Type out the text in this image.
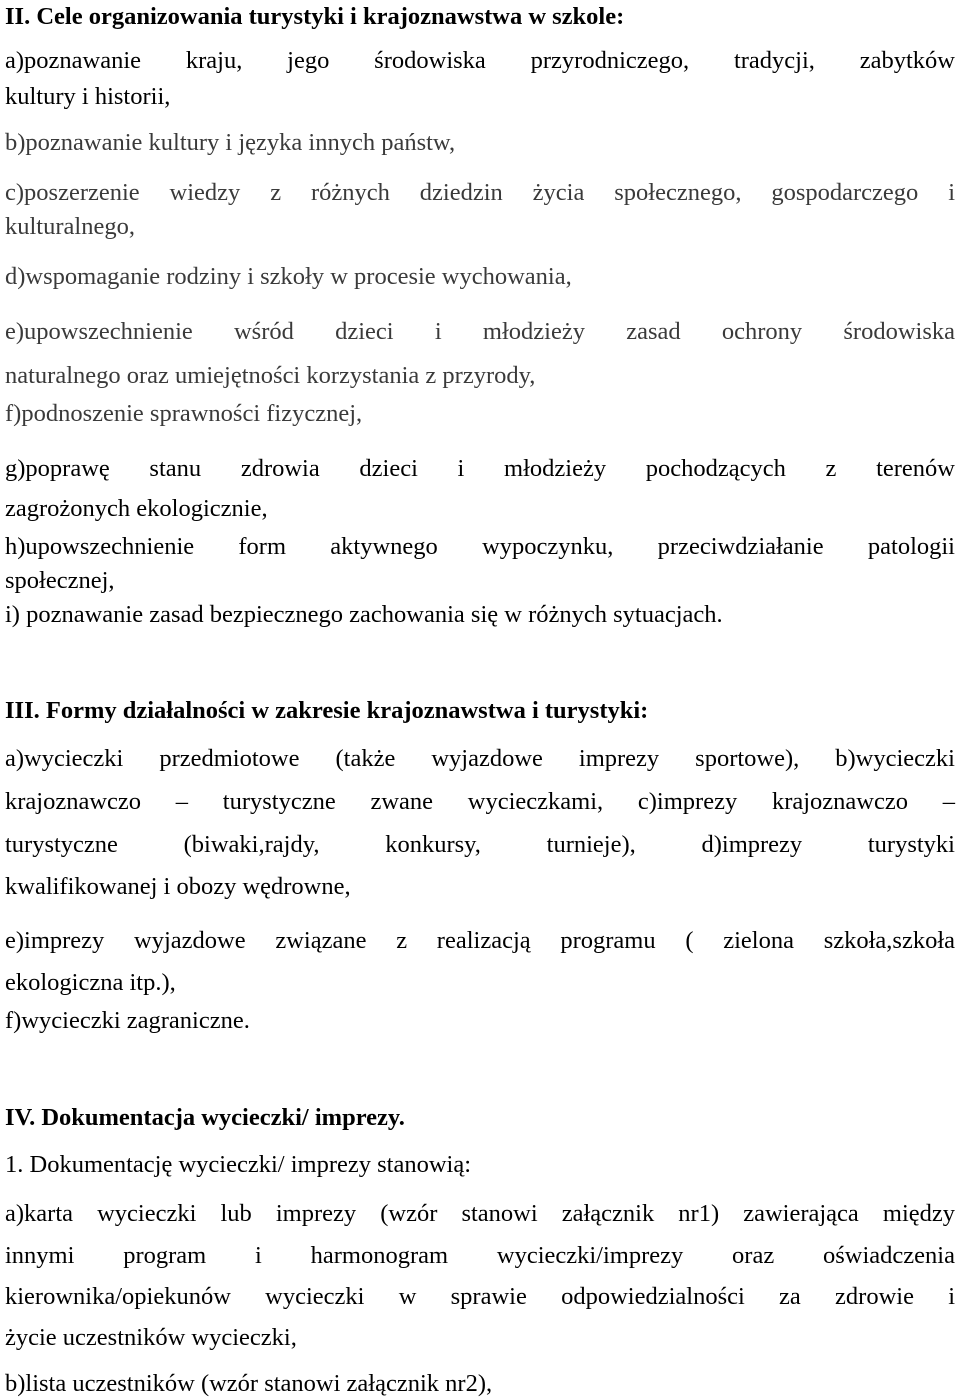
II. Cele organizowania turystyki i krajoznawstwa w szkole:
a)poznawanie kraju, jego środowiska przyrodniczego, tradycji, zabytków
kultury i historii,
b)poznawanie kultury i języka innych państw,
c)poszerzenie wiedzy z różnych dziedzin życia społecznego, gospodarczego i
kulturalnego,
d)wspomaganie rodziny i szkoły w procesie wychowania,
e)upowszechnienie wśród dzieci i młodzieży zasad ochrony środowiska
naturalnego oraz umiejętności korzystania z przyrody,
f)podnoszenie sprawności fizycznej,
g)poprawę stanu zdrowia dzieci i młodzieży pochodzących z terenów
zagrożonych ekologicznie,
h)upowszechnienie form aktywnego wypoczynku, przeciwdziałanie patologii
społecznej,
i) poznawanie zasad bezpiecznego zachowania się w różnych sytuacjach.
III. Formy działalności w zakresie krajoznawstwa i turystyki:
a)wycieczki przedmiotowe (także wyjazdowe imprezy sportowe), b)wycieczki
krajoznawczo – turystyczne zwane wycieczkami, c)imprezy krajoznawczo –
turystyczne (biwaki,rajdy, konkursy, turnieje), d)imprezy turystyki
kwalifikowanej i obozy wędrowne,
e)imprezy wyjazdowe związane z realizacją programu ( zielona szkoła,szkoła
ekologiczna itp.),
f)wycieczki zagraniczne.
IV. Dokumentacja wycieczki/ imprezy.
1. Dokumentację wycieczki/ imprezy stanowią:
a)karta wycieczki lub imprezy (wzór stanowi załącznik nr1) zawierająca między
innymi program i harmonogram wycieczki/imprezy oraz oświadczenia
kierownika/opiekunów wycieczki w sprawie odpowiedzialności za zdrowie i
życie uczestników wycieczki,
b)lista uczestników (wzór stanowi załącznik nr2),
